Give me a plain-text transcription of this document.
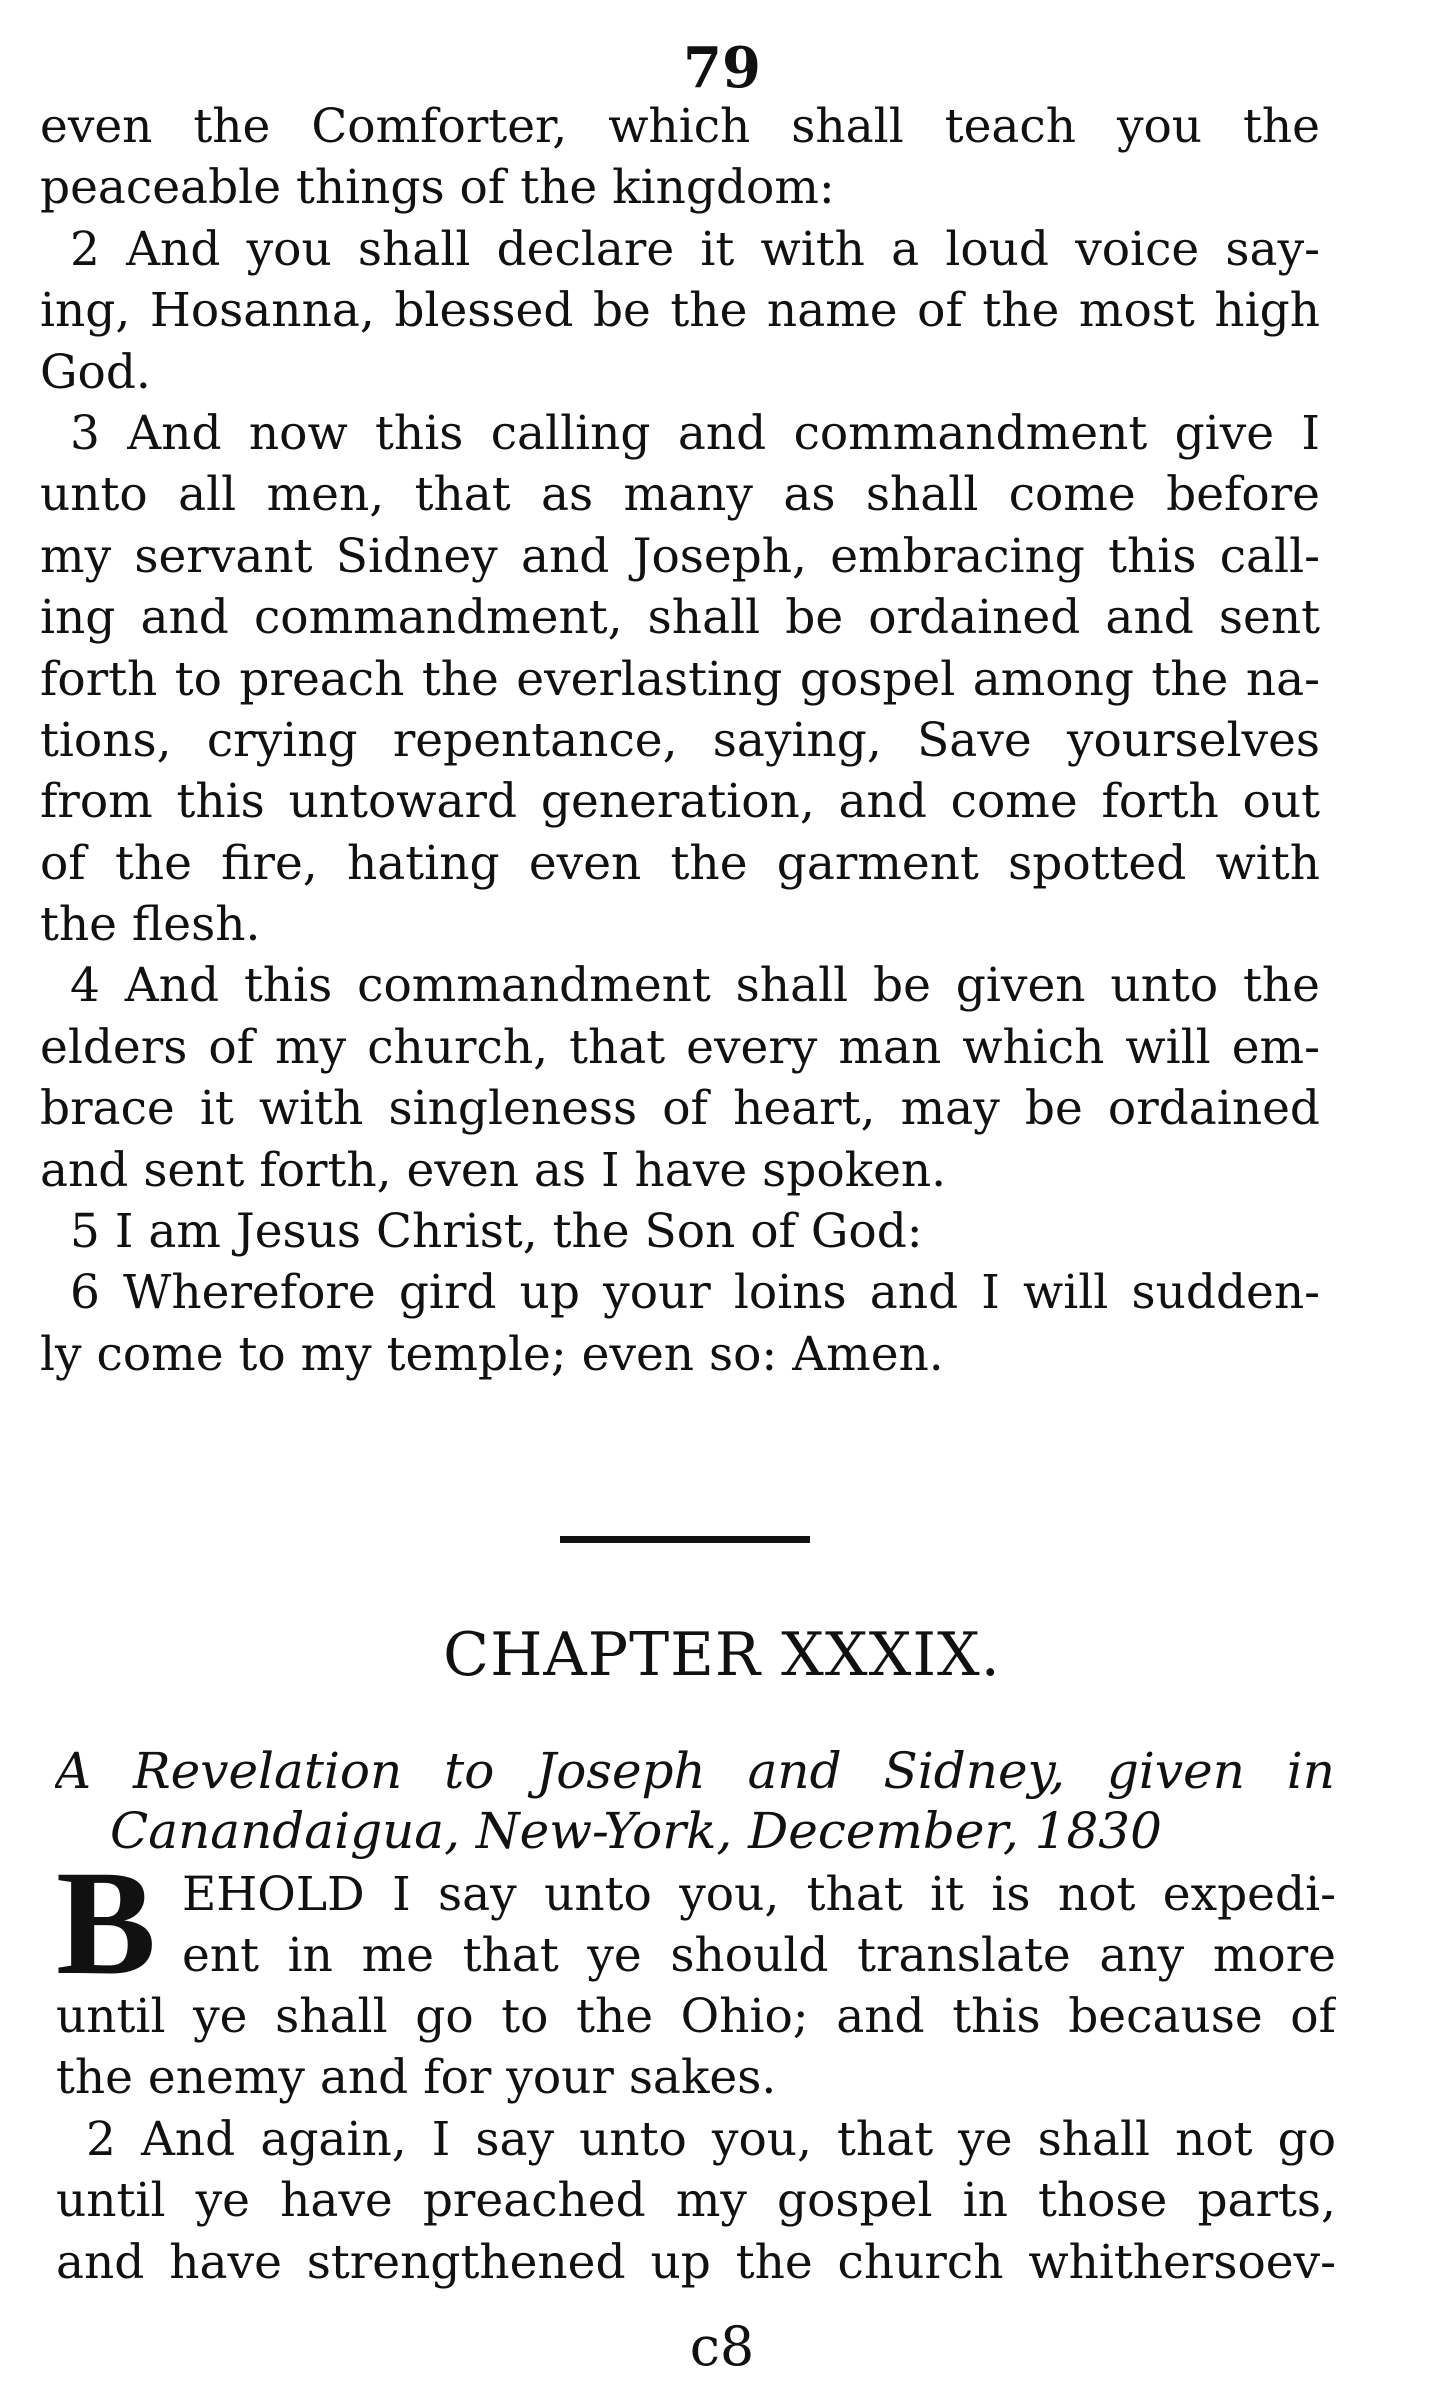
79
even the Comforter, which shall teach you the
peaceable things of the kingdom:
2 And you shall declare it with a loud voice say-
ing, Hosanna, blessed be the name of the most high
God.
3 And now this calling and commandment give I
unto all men, that as many as shall come before
my servant Sidney and Joseph, embracing this call-
ing and commandment, shall be ordained and sent
forth to preach the everlasting gospel among the na-
tions, crying repentance, saying, Save yourselves
from this untoward generation, and come forth out
of the fire, hating even the garment spotted with
the flesh.
4 And this commandment shall be given unto the
elders of my church, that every man which will em-
brace it with singleness of heart, may be ordained
and sent forth, even as I have spoken.
5 I am Jesus Christ, the Son of God:
6 Wherefore gird up your loins and I will sudden-
ly come to my temple; even so: Amen.
CHAPTER XXXIX.
A Revelation to Joseph and Sidney, given in
Canandaigua, New-York, December, 1830
B EHOLD I say unto you, that it is not expedi-
ent in me that ye should translate any more
until ye shall go to the Ohio; and this because of
the enemy and for your sakes.
2 And again, I say unto you, that ye shall not go
until ye have preached my gospel in those parts,
and have strengthened up the church whithersoev-
c8
